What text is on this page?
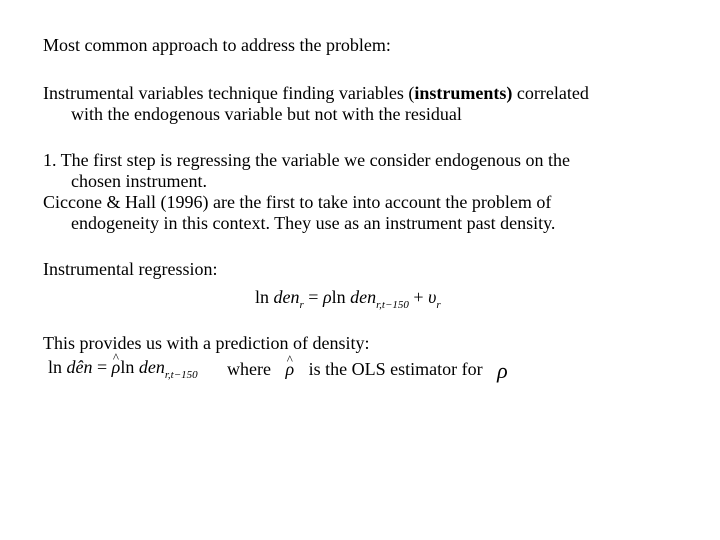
Most common approach to address the problem:
Instrumental variables technique finding variables (instruments) correlated
with the endogenous variable but not with the residual
1. The first step is regressing the variable we consider endogenous on the
chosen instrument.
Ciccone & Hall (1996) are the first to take into account the problem of
endogeneity in this context. They use as an instrument past density.
Instrumental regression:
ln den$_r$ = ρln $den_{r,t-150} + \upsilon_r$
This provides us with a prediction of density:
ln dên = ^ ρln den$_{r,t-150}$ where ^ ρ is the OLS estimator for ρ
